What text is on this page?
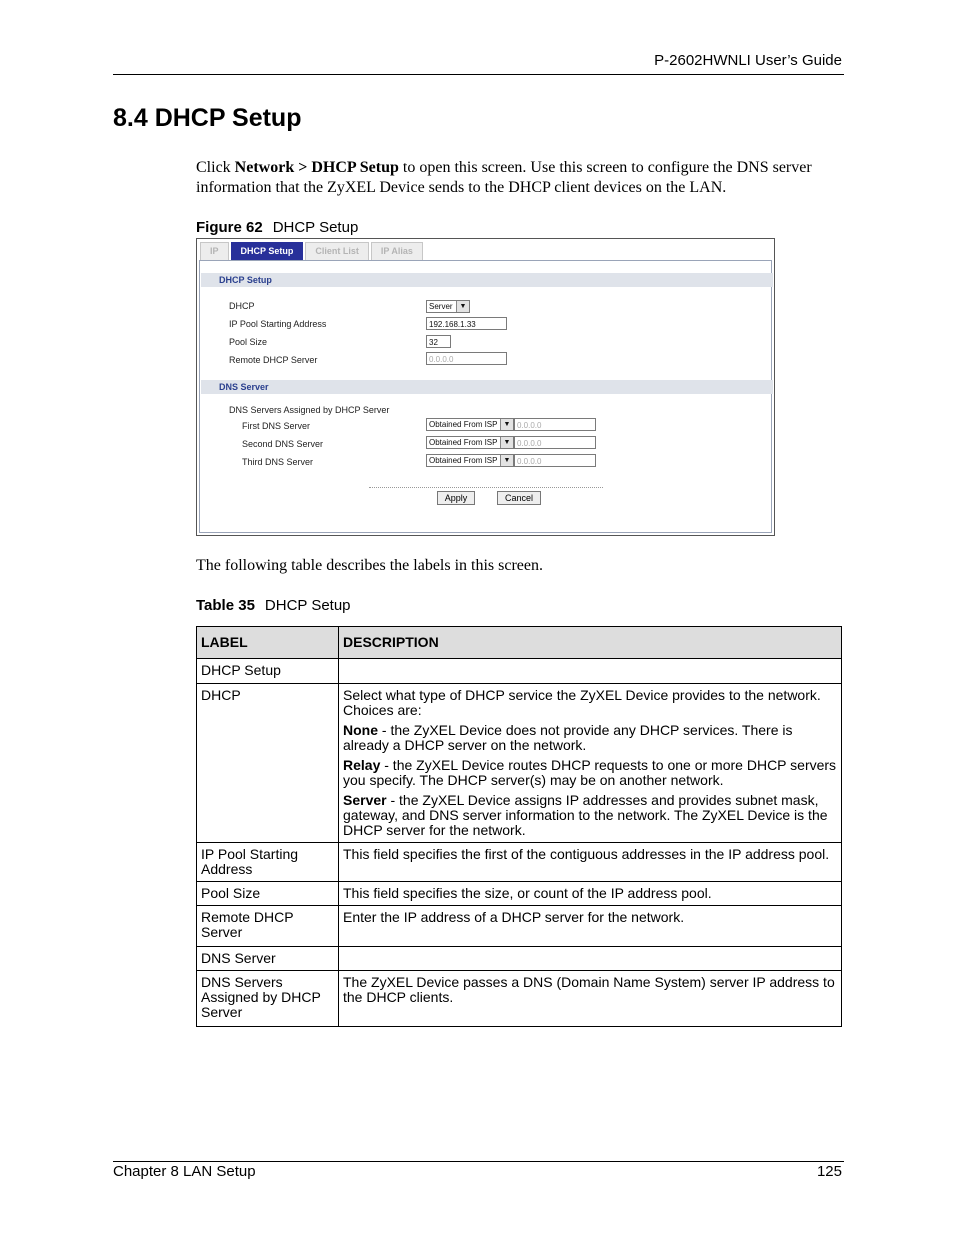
P-2602HWNLI User’s Guide
8.4 DHCP Setup
Click Network > DHCP Setup to open this screen. Use this screen to configure the DNS server information that the ZyXEL Device sends to the DHCP client devices on the LAN.
Figure 62 DHCP Setup
IP	DHCP Setup	Client List	IP Alias
DHCP Setup
DHCP	Server ▼
IP Pool Starting Address	192.168.1.33
Pool Size	32
Remote DHCP Server	0.0.0.0
DNS Server
DNS Servers Assigned by DHCP Server
First DNS Server	Obtained From ISP ▼ 0.0.0.0
Second DNS Server	Obtained From ISP ▼ 0.0.0.0
Third DNS Server	Obtained From ISP ▼ 0.0.0.0
Apply	Cancel
The following table describes the labels in this screen.
Table 35 DHCP Setup
LABEL	DESCRIPTION
DHCP Setup	
DHCP	Select what type of DHCP service the ZyXEL Device provides to the network. Choices are:

None - the ZyXEL Device does not provide any DHCP services. There is already a DHCP server on the network.

Relay - the ZyXEL Device routes DHCP requests to one or more DHCP servers you specify. The DHCP server(s) may be on another network.

Server - the ZyXEL Device assigns IP addresses and provides subnet mask, gateway, and DNS server information to the network. The ZyXEL Device is the DHCP server for the network.

IP Pool Starting Address	This field specifies the first of the contiguous addresses in the IP address pool.
Pool Size	This field specifies the size, or count of the IP address pool.
Remote DHCP Server	Enter the IP address of a DHCP server for the network.
DNS Server	
DNS Servers Assigned by DHCP Server	The ZyXEL Device passes a DNS (Domain Name System) server IP address to the DHCP clients.
Chapter 8 LAN Setup	125
